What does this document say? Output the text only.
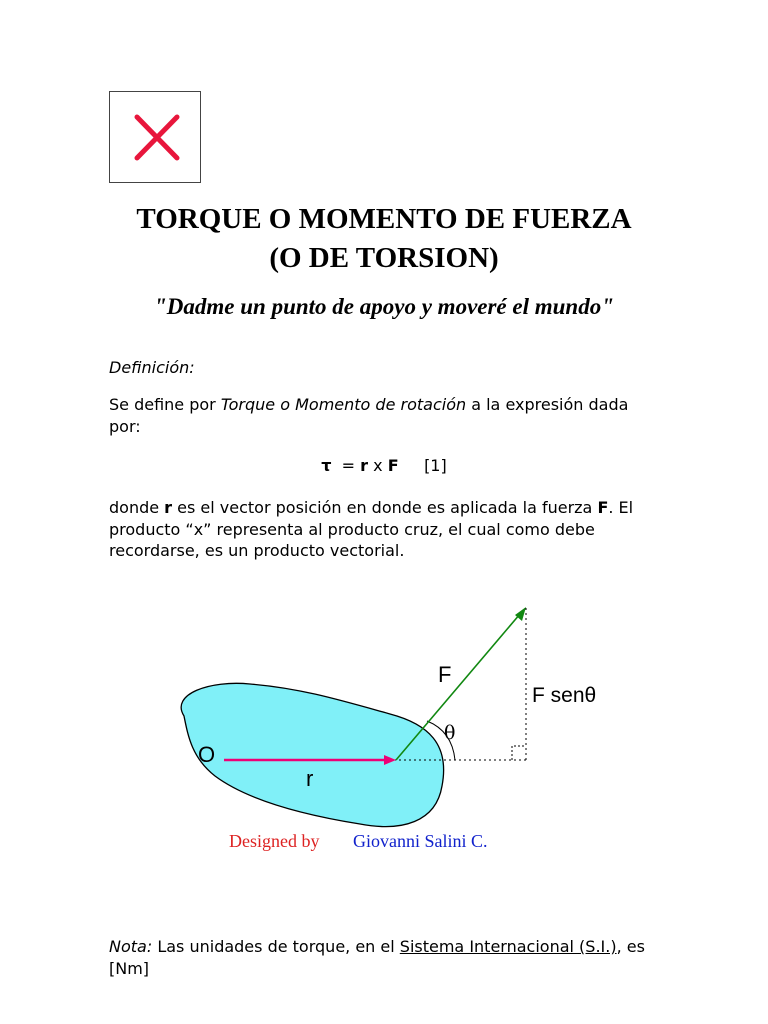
TORQUE O MOMENTO DE FUERZA
(O DE TORSION)
"Dadme un punto de apoyo y moveré el mundo"
Definición:
Se define por Torque o Momento de rotación a la expresión dada por:
τ  = r x F [1]
donde r es el vector posición en donde es aplicada la fuerza F. El producto “x” representa al producto cruz, el cual como debe recordarse, es un producto vectorial.
O
r
F
θ
F senθ
Designed by Giovanni Salini C.
Nota: Las unidades de torque, en el Sistema Internacional (S.I.), es [Nm]
